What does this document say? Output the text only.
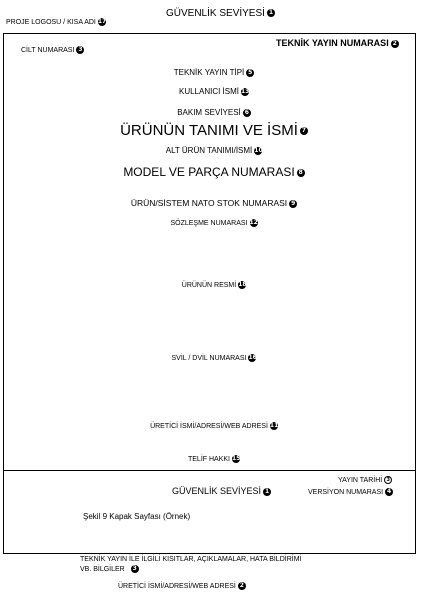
GÜVENLİK SEVİYESİ 1
PROJE LOGOSU / KISA ADI 17
TEKNİK YAYIN NUMARASI 2
CİLT NUMARASI 3
TEKNİK YAYIN TİPİ 5
KULLANICI İSMİ 13
BAKIM SEVİYESİ 6
ÜRÜNÜN TANIMI VE İSMİ 7
ALT ÜRÜN TANIMI/İSMİ 10
MODEL VE PARÇA NUMARASI 8
ÜRÜN/SİSTEM NATO STOK NUMARASI 9
SÖZLEŞME NUMARASI 12
ÜRÜNÜN RESMİ 18
SVİL / DVİL NUMARASI 16
ÜRETİCİ İSMİ/ADRESİ/WEB ADRESİ 11
TELİF HAKKI 15
YAYIN TARİHİ 3
GÜVENLİK SEVİYESİ 1	VERSİYON NUMARASI 4
Şekil 9 Kapak Sayfası (Örnek)
TEKNİK YAYIN İLE İLGİLİ KISITLAR, AÇIKLAMALAR, HATA BİLDİRİMİ
VB. BİLGİLER 3
ÜRETİCİ İSMİ/ADRESİ/WEB ADRESİ 2
